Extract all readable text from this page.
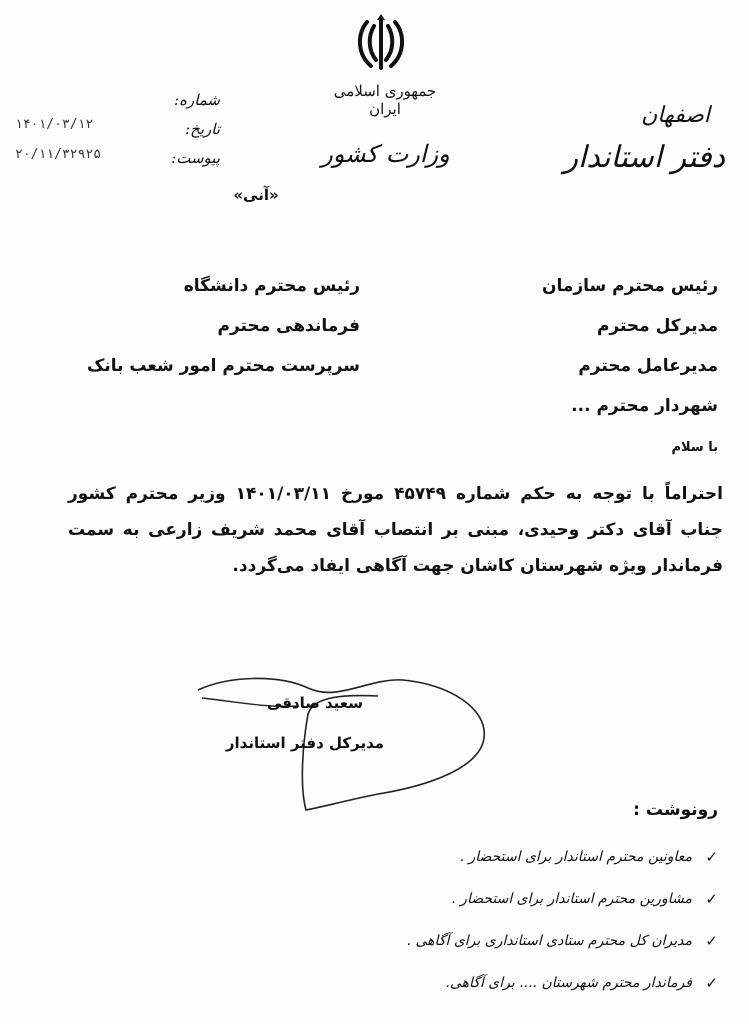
جمهوری اسلامی ایران
وزارت کشور
اصفهان
دفتر استاندار
شماره:
تاریخ:
پیوست:
۱۴۰۱/۰۳/۱۲
۲۰/۱۱/۳۲۹۲۵
«آنی»
رئیس محترم سازمان
مدیرکل محترم
مدیرعامل محترم
شهردار محترم ...
رئیس محترم دانشگاه
فرماندهی محترم
سرپرست محترم امور شعب بانک
با سلام
احتراماً با توجه به حکم شماره ۴۵۷۴۹ مورخ ۱۴۰۱/۰۳/۱۱ وزیر محترم کشور جناب آقای دکتر وحیدی، مبنی بر انتصاب آقای محمد شریف زارعی به سمت فرماندار ویژه شهرستان کاشان جهت آگاهی ایفاد می‌گردد.
سعید صادقی
مدیرکل دفتر استاندار
رونوشت :
✓
معاونین محترم استاندار برای استحضار .
✓
مشاورین محترم استاندار برای استحضار .
✓
مدیران کل محترم ستادی استانداری برای آگاهی .
✓
فرماندار محترم شهرستان .... برای آگاهی.
